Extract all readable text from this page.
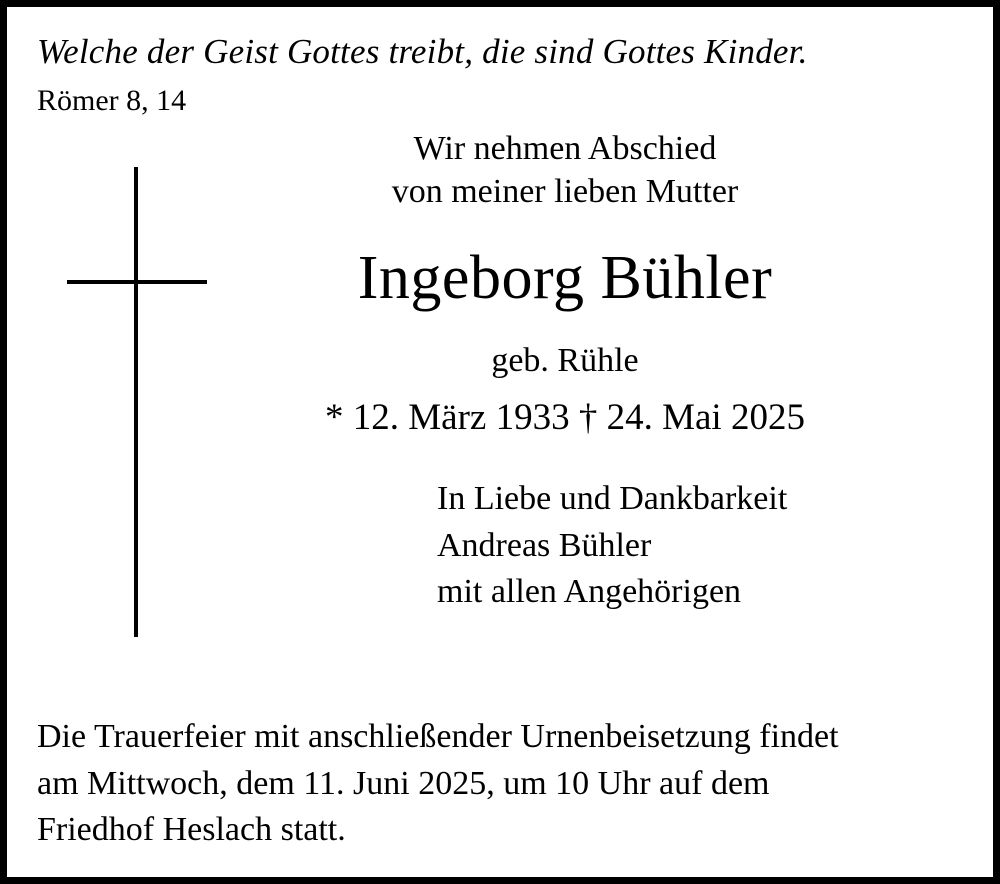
Welche der Geist Gottes treibt, die sind Gottes Kinder.
Römer 8, 14
Wir nehmen Abschied
von meiner lieben Mutter
Ingeborg Bühler
geb. Rühle
* 12. März 1933 † 24. Mai 2025
In Liebe und Dankbarkeit
Andreas Bühler
mit allen Angehörigen
Die Trauerfeier mit anschließender Urnenbeisetzung findet
am Mittwoch, dem 11. Juni 2025, um 10 Uhr auf dem
Friedhof Heslach statt.
